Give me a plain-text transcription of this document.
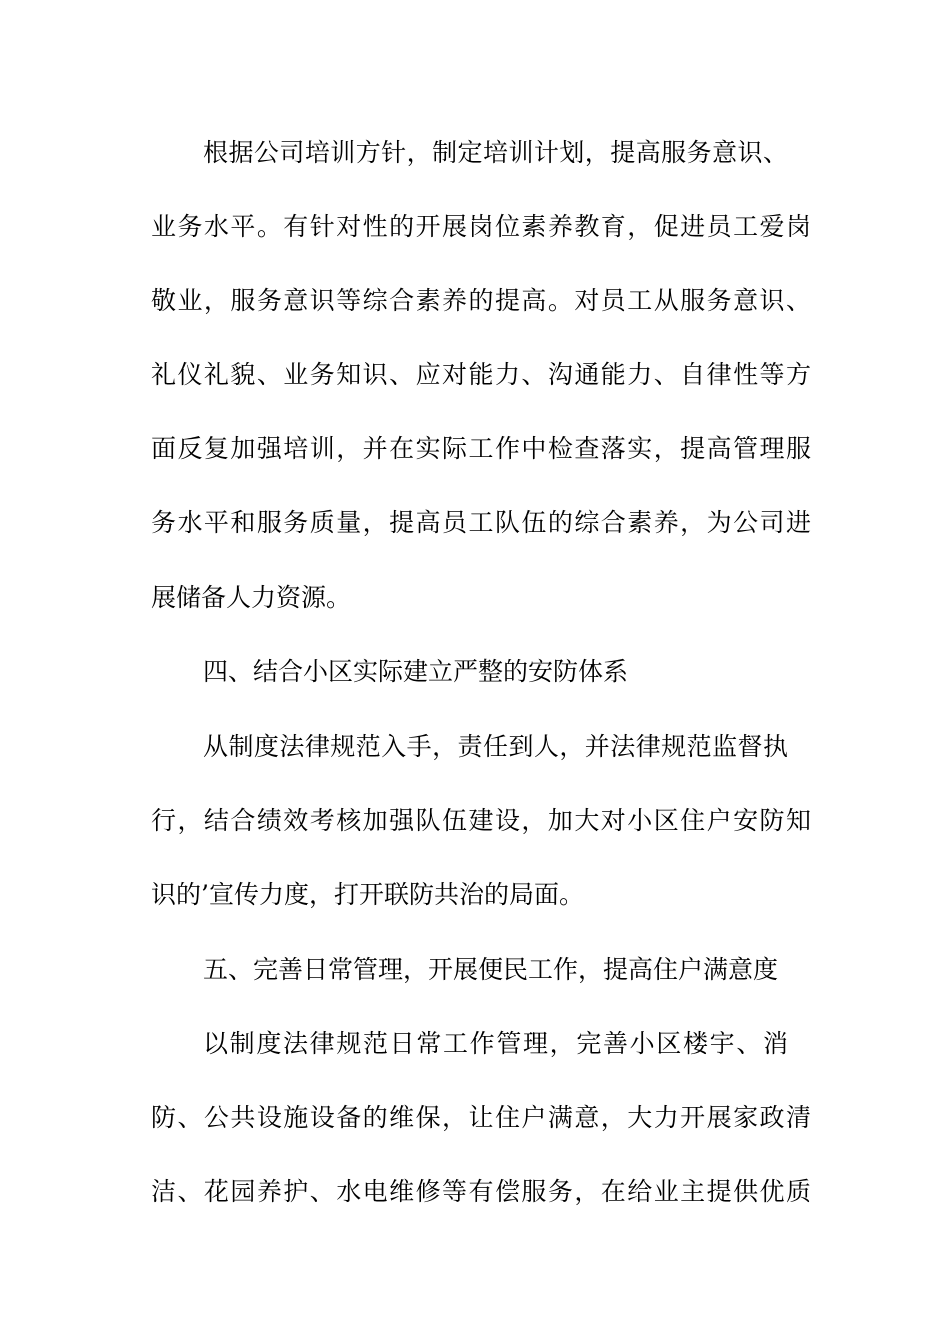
根据公司培训方针，制定培训计划，提高服务意识、
业务水平。有针对性的开展岗位素养教育，促进员工爱岗
敬业，服务意识等综合素养的提高。对员工从服务意识、
礼仪礼貌、业务知识、应对能力、沟通能力、自律性等方
面反复加强培训，并在实际工作中检查落实，提高管理服
务水平和服务质量，提高员工队伍的综合素养，为公司进
展储备人力资源。
四、结合小区实际建立严整的安防体系
从制度法律规范入手，责任到人，并法律规范监督执
行，结合绩效考核加强队伍建设，加大对小区住户安防知
识的’宣传力度，打开联防共治的局面。
五、完善日常管理，开展便民工作，提高住户满意度
以制度法律规范日常工作管理，完善小区楼宇、消
防、公共设施设备的维保，让住户满意，大力开展家政清
洁、花园养护、水电维修等有偿服务，在给业主提供优质
